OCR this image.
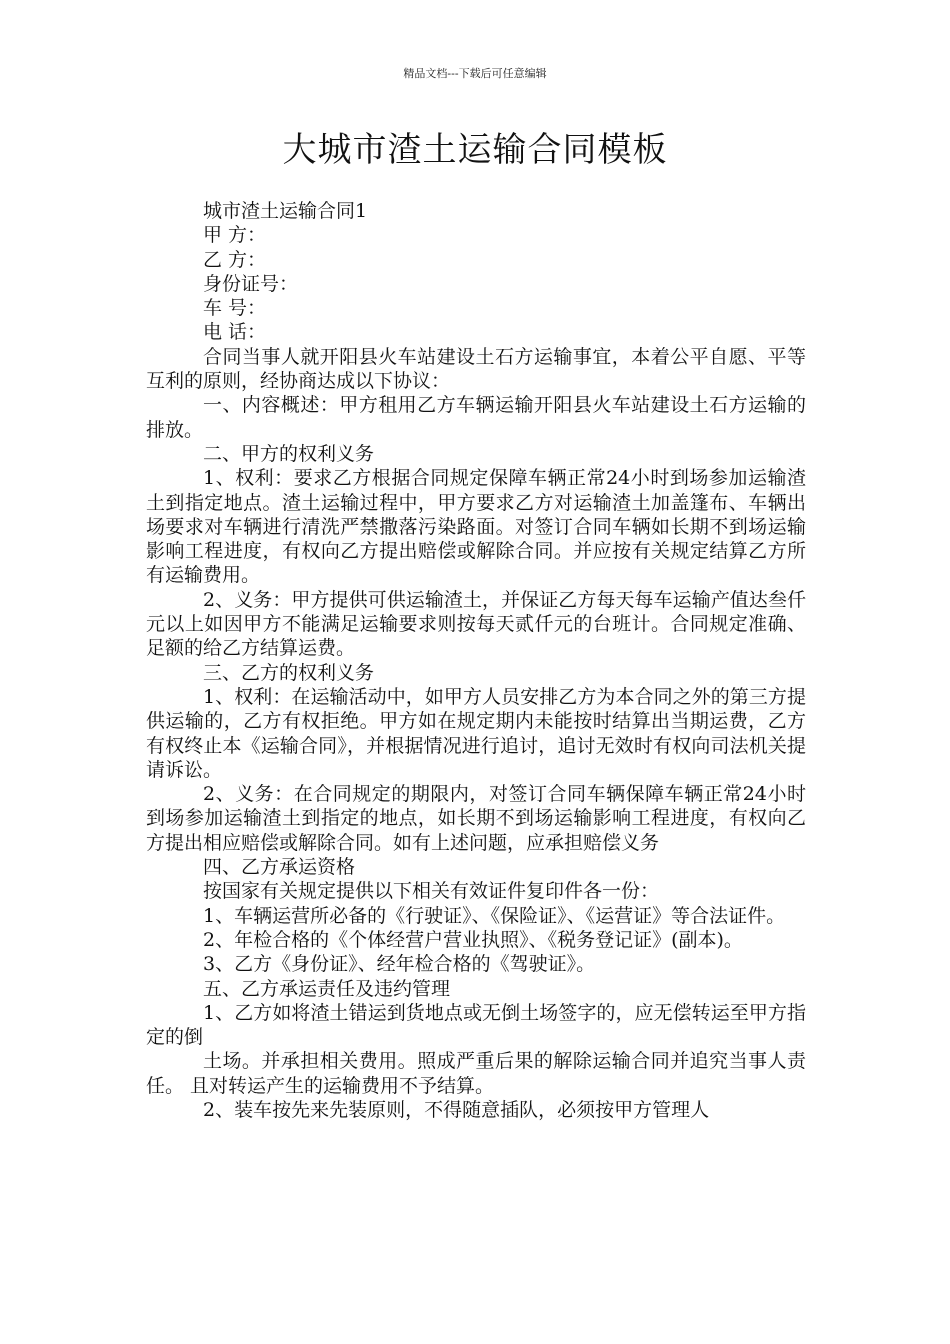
精品文档---下载后可任意编辑
大城市渣土运输合同模板

城市渣土运输合同1

甲 方：

乙 方：

身份证号：

车 号：

电 话：

合同当事人就开阳县火车站建设土石方运输事宜，本着公平自愿、平等互利的原则，经协商达成以下协议：

一、内容概述：甲方租用乙方车辆运输开阳县火车站建设土石方运输的排放。

二、甲方的权利义务

1、权利：要求乙方根据合同规定保障车辆正常24小时到场参加运输渣土到指定地点。渣土运输过程中，甲方要求乙方对运输渣土加盖篷布、车辆出场要求对车辆进行清洗严禁撒落污染路面。对签订合同车辆如长期不到场运输影响工程进度，有权向乙方提出赔偿或解除合同。并应按有关规定结算乙方所有运输费用。

2、义务：甲方提供可供运输渣土，并保证乙方每天每车运输产值达叁仟元以上如因甲方不能满足运输要求则按每天贰仟元的台班计。合同规定准确、足额的给乙方结算运费。

三、乙方的权利义务

1、权利：在运输活动中，如甲方人员安排乙方为本合同之外的第三方提供运输的，乙方有权拒绝。甲方如在规定期内未能按时结算出当期运费，乙方有权终止本《运输合同》，并根据情况进行追讨，追讨无效时有权向司法机关提请诉讼。

2、义务：在合同规定的期限内，对签订合同车辆保障车辆正常24小时到场参加运输渣土到指定的地点，如长期不到场运输影响工程进度，有权向乙方提出相应赔偿或解除合同。如有上述问题，应承担赔偿义务

四、乙方承运资格

按国家有关规定提供以下相关有效证件复印件各一份：

1、车辆运营所必备的《行驶证》、《保险证》、《运营证》等合法证件。

2、年检合格的《个体经营户营业执照》、《税务登记证》(副本)。

3、乙方《身份证》、经年检合格的《驾驶证》。

五、乙方承运责任及违约管理

1、乙方如将渣土错运到货地点或无倒土场签字的，应无偿转运至甲方指定的倒

土场。并承担相关费用。照成严重后果的解除运输合同并追究当事人责任。 且对转运产生的运输费用不予结算。

2、装车按先来先装原则，不得随意插队，必须按甲方管理人
